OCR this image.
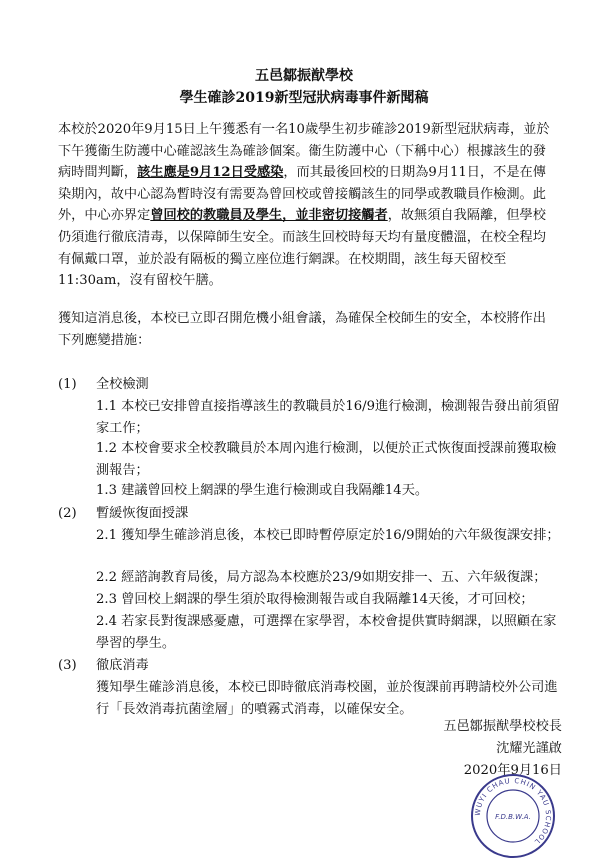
五邑鄒振猷學校
學生確診2019新型冠狀病毒事件新聞稿

本校於2020年9月15日上午獲悉有一名10歲學生初步確診2019新型冠狀病毒，並於下午獲衞生防護中心確認該生為確診個案。衞生防護中心（下稱中心）根據該生的發病時間判斷，該生應是9月12日受感染，而其最後回校的日期為9月11日，不是在傳染期內，故中心認為暫時沒有需要為曾回校或曾接觸該生的同學或教職員作檢測。此外，中心亦界定曾回校的教職員及學生，並非密切接觸者，故無須自我隔離，但學校仍須進行徹底清毒，以保障師生安全。而該生回校時每天均有量度體溫，在校全程均有佩戴口罩，並於設有隔板的獨立座位進行網課。在校期間，該生每天留校至11:30am，沒有留校午膳。

獲知這消息後，本校已立即召開危機小組會議，為確保全校師生的安全，本校將作出下列應變措施：

(1) 全校檢測

1.1 本校已安排曾直接指導該生的教職員於16/9進行檢測，檢測報告發出前須留家工作；

1.2 本校會要求全校教職員於本周內進行檢測，以便於正式恢復面授課前獲取檢測報告；

1.3 建議曾回校上網課的學生進行檢測或自我隔離14天。

(2) 暫緩恢復面授課

2.1 獲知學生確診消息後，本校已即時暫停原定於16/9開始的六年級復課安排；

2.2 經諮詢教育局後，局方認為本校應於23/9如期安排一、五、六年級復課；

2.3 曾回校上網課的學生須於取得檢測報告或自我隔離14天後，才可回校；

2.4 若家長對復課感憂慮，可選擇在家學習，本校會提供實時網課，以照顧在家學習的學生。

(3) 徹底消毒

獲知學生確診消息後，本校已即時徹底消毒校園，並於復課前再聘請校外公司進行「長效消毒抗菌塗層」的噴霧式消毒，以確保安全。

五邑鄒振猷學校校長
沈耀光謹啟
2020年9月16日
WUYI CHAU CHIN YAU SCHOOL
F.D.B.W.A.
